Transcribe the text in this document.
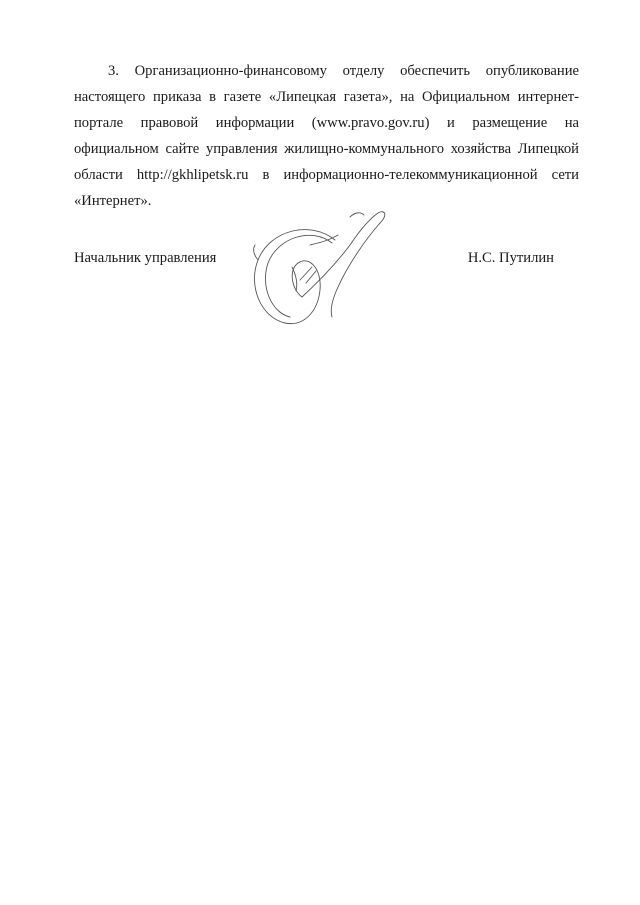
3. Организационно-финансовому отделу обеспечить опубликование настоящего приказа в газете «Липецкая газета», на Официальном интернет-портале правовой информации (www.pravo.gov.ru) и размещение на официальном сайте управления жилищно-коммунального хозяйства Липецкой области http://gkhlipetsk.ru в информационно-телекоммуникационной сети «Интернет».

Начальник управления	Н.С. Путилин
